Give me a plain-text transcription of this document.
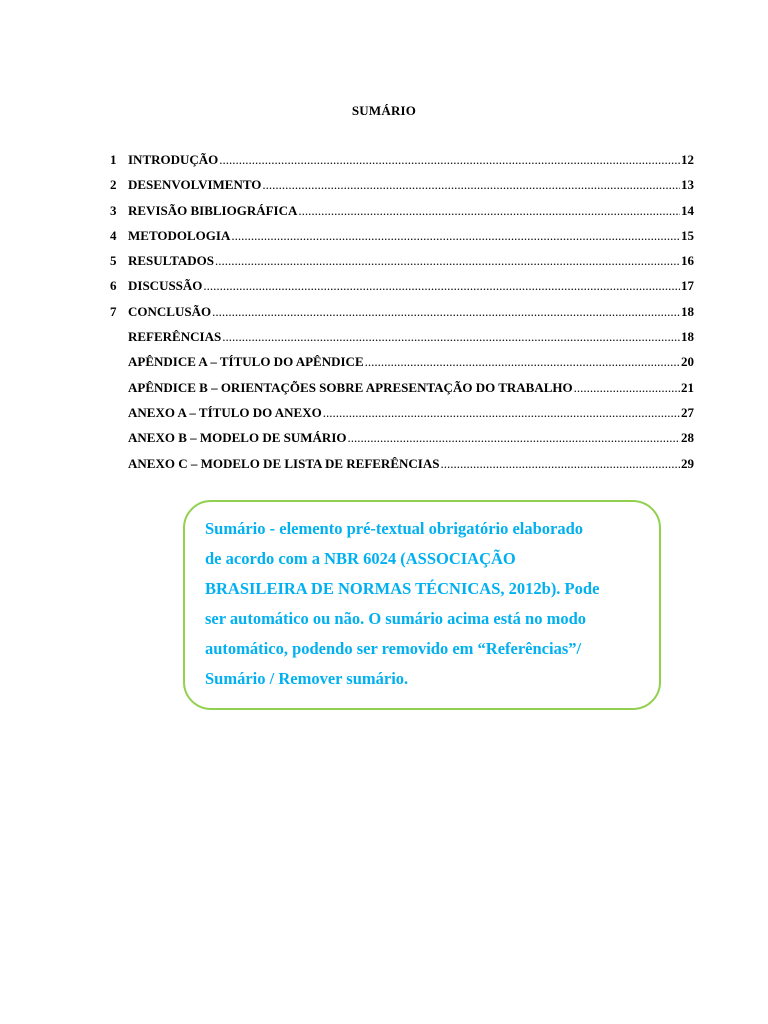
SUMÁRIO
1 INTRODUÇÃO .....	12
2 DESENVOLVIMENTO .....	13
3 REVISÃO BIBLIOGRÁFICA .....	14
4 METODOLOGIA .....	15
5 RESULTADOS .....	16
6 DISCUSSÃO .....	17
7 CONCLUSÃO .....	18
REFERÊNCIAS .....	18
APÊNDICE A – TÍTULO DO APÊNDICE .....	20
APÊNDICE B – ORIENTAÇÕES SOBRE APRESENTAÇÃO DO TRABALHO .....	21
ANEXO A – TÍTULO DO ANEXO .....	27
ANEXO B – MODELO DE SUMÁRIO .....	28
ANEXO C – MODELO DE LISTA DE REFERÊNCIAS .....	29
Sumário - elemento pré-textual obrigatório elaborado
de acordo com a NBR 6024 (ASSOCIAÇÃO
BRASILEIRA DE NORMAS TÉCNICAS, 2012b). Pode
ser automático ou não. O sumário acima está no modo
automático, podendo ser removido em “Referências”/
Sumário / Remover sumário.
